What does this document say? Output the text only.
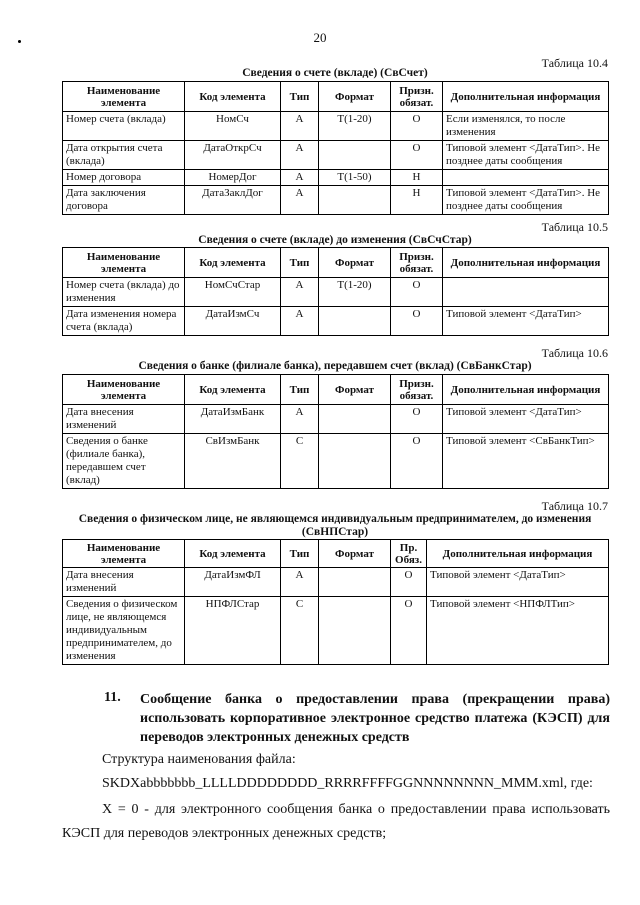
20
Таблица 10.4
Сведения о счете (вкладе) (СвСчет)
Наименование элемента	Код элемента	Тип	Формат	Призн. обязат.	Дополнительная информация
Номер счета (вклада)	НомСч	А	Т(1-20)	О	Если изменялся, то после изменения
Дата открытия счета (вклада)	ДатаОткрСч	А		О	Типовой элемент <ДатаТип>. Не позднее даты сообщения
Номер договора	НомерДог	А	Т(1-50)	Н	
Дата заключения договора	ДатаЗаклДог	А		Н	Типовой элемент <ДатаТип>. Не позднее даты сообщения
Таблица 10.5
Сведения о счете (вкладе) до изменения (СвСчСтар)
Наименование элемента	Код элемента	Тип	Формат	Призн. обязат.	Дополнительная информация
Номер счета (вклада) до изменения	НомСчСтар	А	Т(1-20)	О	
Дата изменения номера счета (вклада)	ДатаИзмСч	А		О	Типовой элемент <ДатаТип>
Таблица 10.6
Сведения о банке (филиале банка), передавшем счет (вклад) (СвБанкСтар)
Наименование элемента	Код элемента	Тип	Формат	Призн. обязат.	Дополнительная информация
Дата внесения изменений	ДатаИзмБанк	А		О	Типовой элемент <ДатаТип>
Сведения о банке (филиале банка), передавшем счет (вклад)	СвИзмБанк	С		О	Типовой элемент <СвБанкТип>
Таблица 10.7
Сведения о физическом лице, не являющемся индивидуальным предпринимателем, до изменения (СвНПСтар)
Наименование элемента	Код элемента	Тип	Формат	Пр. Обяз.	Дополнительная информация
Дата внесения изменений	ДатаИзмФЛ	А		О	Типовой элемент <ДатаТип>
Сведения о физическом лице, не являющемся индивидуальным предпринимателем, до изменения	НПФЛСтар	С		О	Типовой элемент <НПФЛТип>
11. Сообщение банка о предоставлении права (прекращении права) использовать корпоративное электронное средство платежа (КЭСП) для переводов электронных денежных средств
Структура наименования файла:
SKDXabbbbbbb_LLLLDDDDDDDD_RRRRFFFFGGNNNNNNNN_MMM.xml, где:
X = 0 - для электронного сообщения банка о предоставлении права использовать КЭСП для переводов электронных денежных средств;
